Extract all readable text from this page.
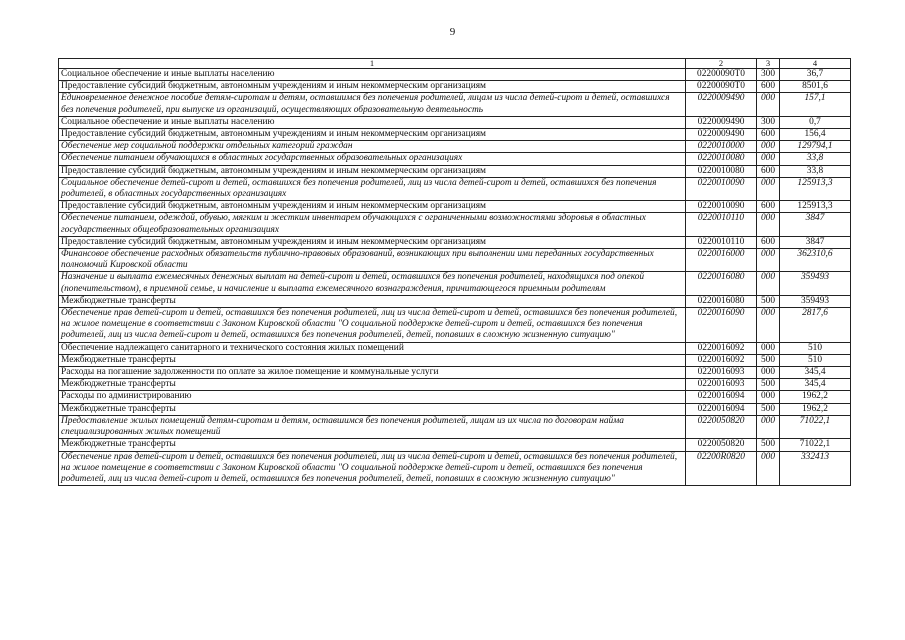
9
1	2	3	4
Социальное обеспечение и иные выплаты населению	02200090Т0	300	36,7
Предоставление субсидий бюджетным, автономным учреждениям и иным некоммерческим организациям	02200090Т0	600	8501,6
Единовременное денежное пособие детям-сиротам и детям, оставшимся без попечения родителей, лицам из числа детей-сирот и детей, оставшихся без попечения родителей, при выпуске из организаций, осуществляющих образовательную деятельность	0220009490	000	157,1
Социальное обеспечение и иные выплаты населению	0220009490	300	0,7
Предоставление субсидий бюджетным, автономным учреждениям и иным некоммерческим организациям	0220009490	600	156,4
Обеспечение мер социальной поддержки отдельных категорий граждан	0220010000	000	129794,1
Обеспечение питанием обучающихся в областных государственных образовательных организациях	0220010080	000	33,8
Предоставление субсидий бюджетным, автономным учреждениям и иным некоммерческим организациям	0220010080	600	33,8
Социальное обеспечение детей-сирот и детей, оставшихся без попечения родителей, лиц из числа детей-сирот и детей, оставшихся без попечения родителей, в областных государственных организациях	0220010090	000	125913,3
Предоставление субсидий бюджетным, автономным учреждениям и иным некоммерческим организациям	0220010090	600	125913,3
Обеспечение питанием, одеждой, обувью, мягким и жестким инвентарем обучающихся с ограниченными возможностями здоровья в областных государственных общеобразовательных организациях	0220010110	000	3847
Предоставление субсидий бюджетным, автономным учреждениям и иным некоммерческим организациям	0220010110	600	3847
Финансовое обеспечение расходных обязательств публично-правовых образований, возникающих при выполнении ими переданных государственных полномочий Кировской области	0220016000	000	362310,6
Назначение и выплата ежемесячных денежных выплат на детей-сирот и детей, оставшихся без попечения родителей, находящихся под опекой (попечительством), в приемной семье, и начисление и выплата ежемесячного вознаграждения, причитающегося приемным родителям	0220016080	000	359493
Межбюджетные трансферты	0220016080	500	359493
Обеспечение прав детей-сирот и детей, оставшихся без попечения родителей, лиц из числа детей-сирот и детей, оставшихся без попечения родителей, на жилое помещение в соответствии с Законом Кировской области "О социальной поддержке детей-сирот и детей, оставшихся без попечения родителей, лиц из числа детей-сирот и детей, оставшихся без попечения родителей, детей, попавших в сложную жизненную ситуацию"	0220016090	000	2817,6
Обеспечение надлежащего санитарного и технического состояния жилых помещений	0220016092	000	510
Межбюджетные трансферты	0220016092	500	510
Расходы на погашение задолженности по оплате за жилое помещение и коммунальные услуги	0220016093	000	345,4
Межбюджетные трансферты	0220016093	500	345,4
Расходы по администрированию	0220016094	000	1962,2
Межбюджетные трансферты	0220016094	500	1962,2
Предоставление жилых помещений детям-сиротам и детям, оставшимся без попечения родителей, лицам из их числа по договорам найма специализированных жилых помещений	0220050820	000	71022,1
Межбюджетные трансферты	0220050820	500	71022,1
Обеспечение прав детей-сирот и детей, оставшихся без попечения родителей, лиц из числа детей-сирот и детей, оставшихся без попечения родителей, на жилое помещение в соответствии с Законом Кировской области "О социальной поддержке детей-сирот и детей, оставшихся без попечения родителей, лиц из числа детей-сирот и детей, оставшихся без попечения родителей, детей, попавших в сложную жизненную ситуацию"	02200R0820	000	332413
